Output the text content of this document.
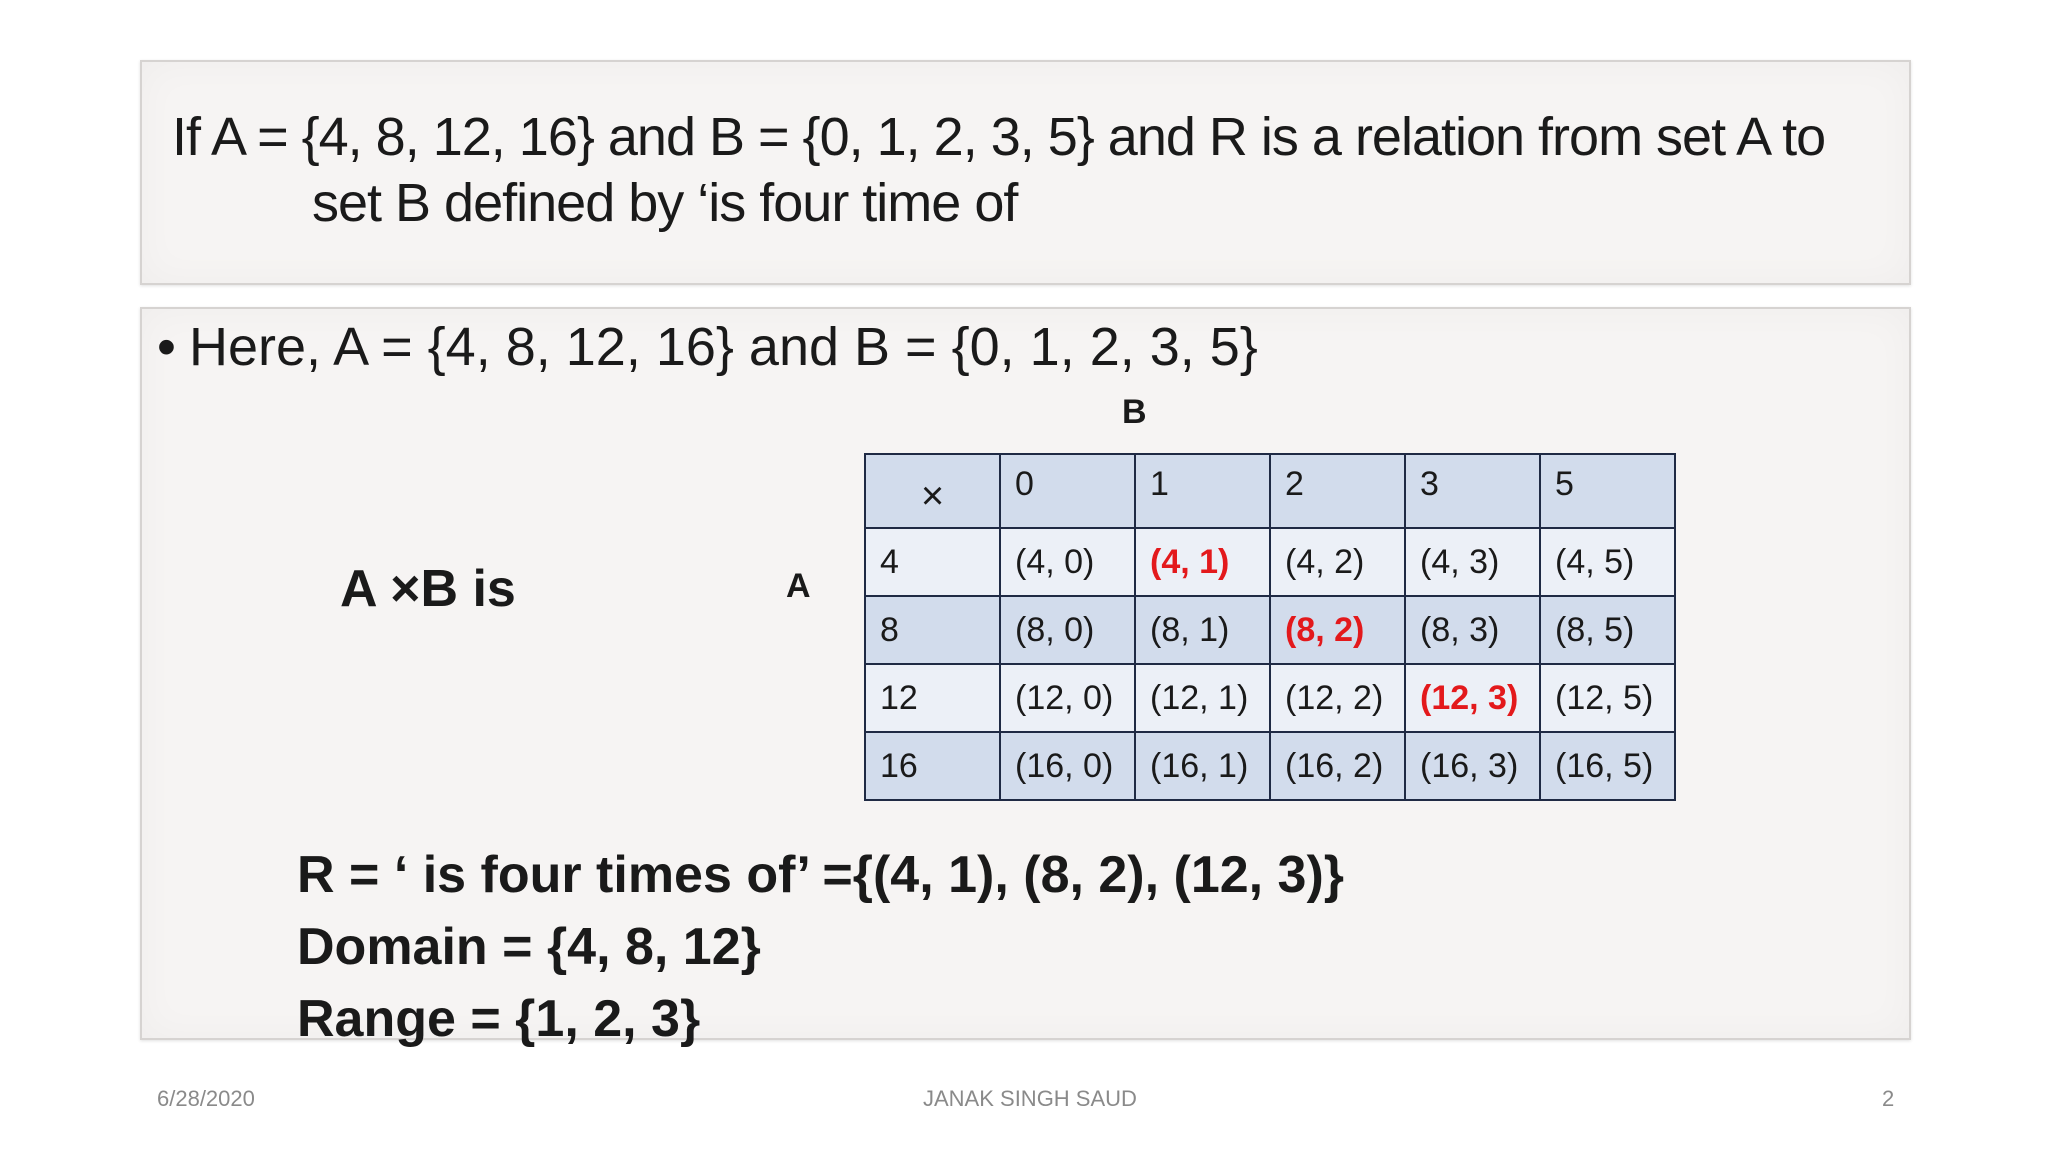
If A = {4, 8, 12, 16} and B = {0, 1, 2, 3, 5} and R is a relation from set A to
set B defined by ‘is four time of
• Here, A = {4, 8, 12, 16} and B = {0, 1, 2, 3, 5}
B
A
A ×B is
×	0	1	2	3	5
4	(4, 0)	(4, 1)	(4, 2)	(4, 3)	(4, 5)
8	(8, 0)	(8, 1)	(8, 2)	(8, 3)	(8, 5)
12	(12, 0)	(12, 1)	(12, 2)	(12, 3)	(12, 5)
16	(16, 0)	(16, 1)	(16, 2)	(16, 3)	(16, 5)
R = ‘ is four times of’ ={(4, 1), (8, 2), (12, 3)}
Domain = {4, 8, 12}
Range = {1, 2, 3}
6/28/2020	JANAK SINGH SAUD	2
